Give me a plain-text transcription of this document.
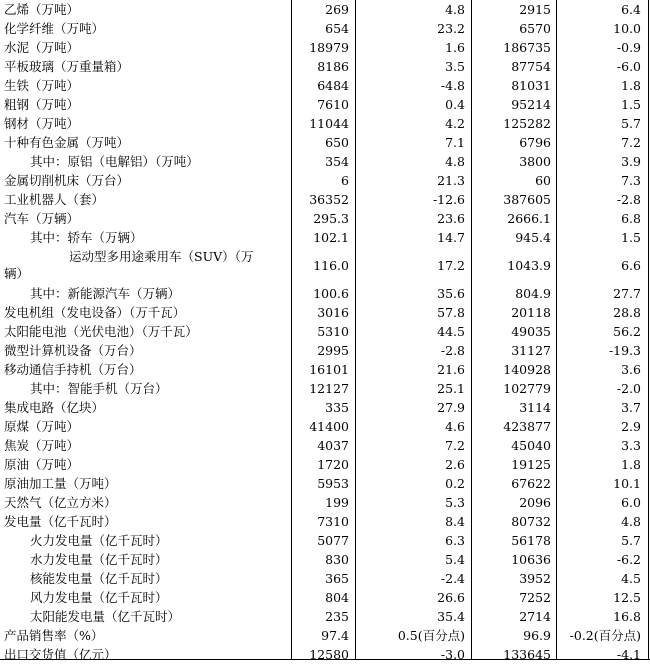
乙烯（万吨）	269	4.8	2915	6.4
化学纤维（万吨）	654	23.2	6570	10.0
水泥（万吨）	18979	1.6	186735	-0.9
平板玻璃（万重量箱）	8186	3.5	87754	-6.0
生铁（万吨）	6484	-4.8	81031	1.8
粗钢（万吨）	7610	0.4	95214	1.5
钢材（万吨）	11044	4.2	125282	5.7
十种有色金属（万吨）	650	7.1	6796	7.2
其中：原铝（电解铝）（万吨）	354	4.8	3800	3.9
金属切削机床（万台）	6	21.3	60	7.3
工业机器人（套）	36352	-12.6	387605	-2.8
汽车（万辆）	295.3	23.6	2666.1	6.8
其中：轿车（万辆）	102.1	14.7	945.4	1.5
运动型多用途乘用车（SUV）（万
辆）
116.0	17.2	1043.9	6.6
其中：新能源汽车（万辆）	100.6	35.6	804.9	27.7
发电机组（发电设备）（万千瓦）	3016	57.8	20118	28.8
太阳能电池（光伏电池）（万千瓦）	5310	44.5	49035	56.2
微型计算机设备（万台）	2995	-2.8	31127	-19.3
移动通信手持机（万台）	16101	21.6	140928	3.6
其中：智能手机（万台）	12127	25.1	102779	-2.0
集成电路（亿块）	335	27.9	3114	3.7
原煤（万吨）	41400	4.6	423877	2.9
焦炭（万吨）	4037	7.2	45040	3.3
原油（万吨）	1720	2.6	19125	1.8
原油加工量（万吨）	5953	0.2	67622	10.1
天然气（亿立方米）	199	5.3	2096	6.0
发电量（亿千瓦时）	7310	8.4	80732	4.8
火力发电量（亿千瓦时）	5077	6.3	56178	5.7
水力发电量（亿千瓦时）	830	5.4	10636	-6.2
核能发电量（亿千瓦时）	365	-2.4	3952	4.5
风力发电量（亿千瓦时）	804	26.6	7252	12.5
太阳能发电量（亿千瓦时）	235	35.4	2714	16.8
产品销售率（%）	97.4	0.5(百分点)	96.9 -0.2(百分点)
出口交货值（亿元）	12580	-3.0	133645	-4.1
